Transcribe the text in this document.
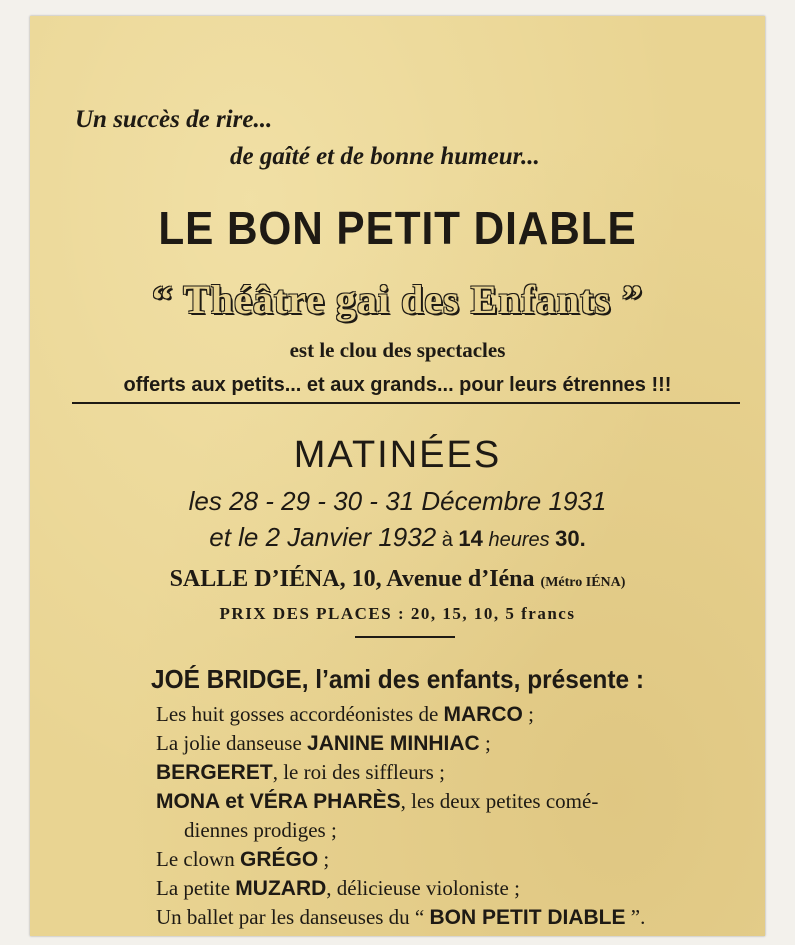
Un succès de rire...
de gaîté et de bonne humeur...
LE BON PETIT DIABLE
“ Théâtre gai des Enfants ”
est le clou des spectacles
offerts aux petits... et aux grands... pour leurs étrennes !!!
MATINÉES
les 28 - 29 - 30 - 31 Décembre 1931
et le 2 Janvier 1932 à 14 heures 30.
SALLE D’IÉNA, 10, Avenue d’Iéna (Métro IÉNA)
PRIX DES PLACES : 20, 15, 10, 5 francs
JOÉ BRIDGE, l’ami des enfants, présente :
Les huit gosses accordéonistes de MARCO ;
La jolie danseuse JANINE MINHIAC ;
BERGERET, le roi des siffleurs ;
MONA et VÉRA PHARÈS, les deux petites comé-
diennes prodiges ;
Le clown GRÉGO ;
La petite MUZARD, délicieuse violoniste ;
Un ballet par les danseuses du “ BON PETIT DIABLE ”.
